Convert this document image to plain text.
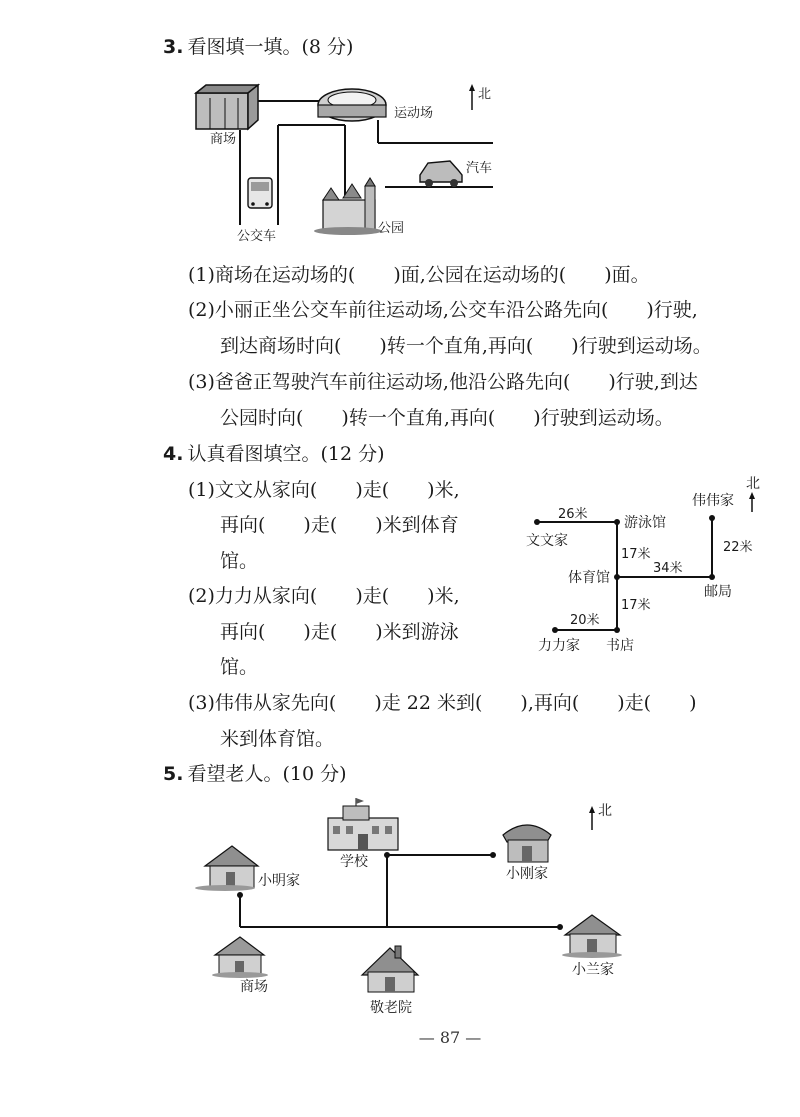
3. 看图填一填。(8 分)
北
商场
运动场
汽车
公交车
公园
北
文文家
游泳馆
伟伟家
体育馆
邮局
力力家 书店
26米
17米	22米
34米
20米
17米
北
学校
小明家	小刚家
商场
敬老院
小兰家
(1)商场在运动场的(　　)面,公园在运动场的(　　)面。
(2)小丽正坐公交车前往运动场,公交车沿公路先向(　　)行驶,
到达商场时向(　　)转一个直角,再向(　　)行驶到运动场。
(3)爸爸正驾驶汽车前往运动场,他沿公路先向(　　)行驶,到达
公园时向(　　)转一个直角,再向(　　)行驶到运动场。
4. 认真看图填空。(12 分)
(1)文文从家向(　　)走(　　)米,
再向(　　)走(　　)米到体育
馆。
(2)力力从家向(　　)走(　　)米,
再向(　　)走(　　)米到游泳
馆。
(3)伟伟从家先向(　　)走 22 米到(　　),再向(　　)走(　　)
米到体育馆。
5. 看望老人。(10 分)
— 87 —
